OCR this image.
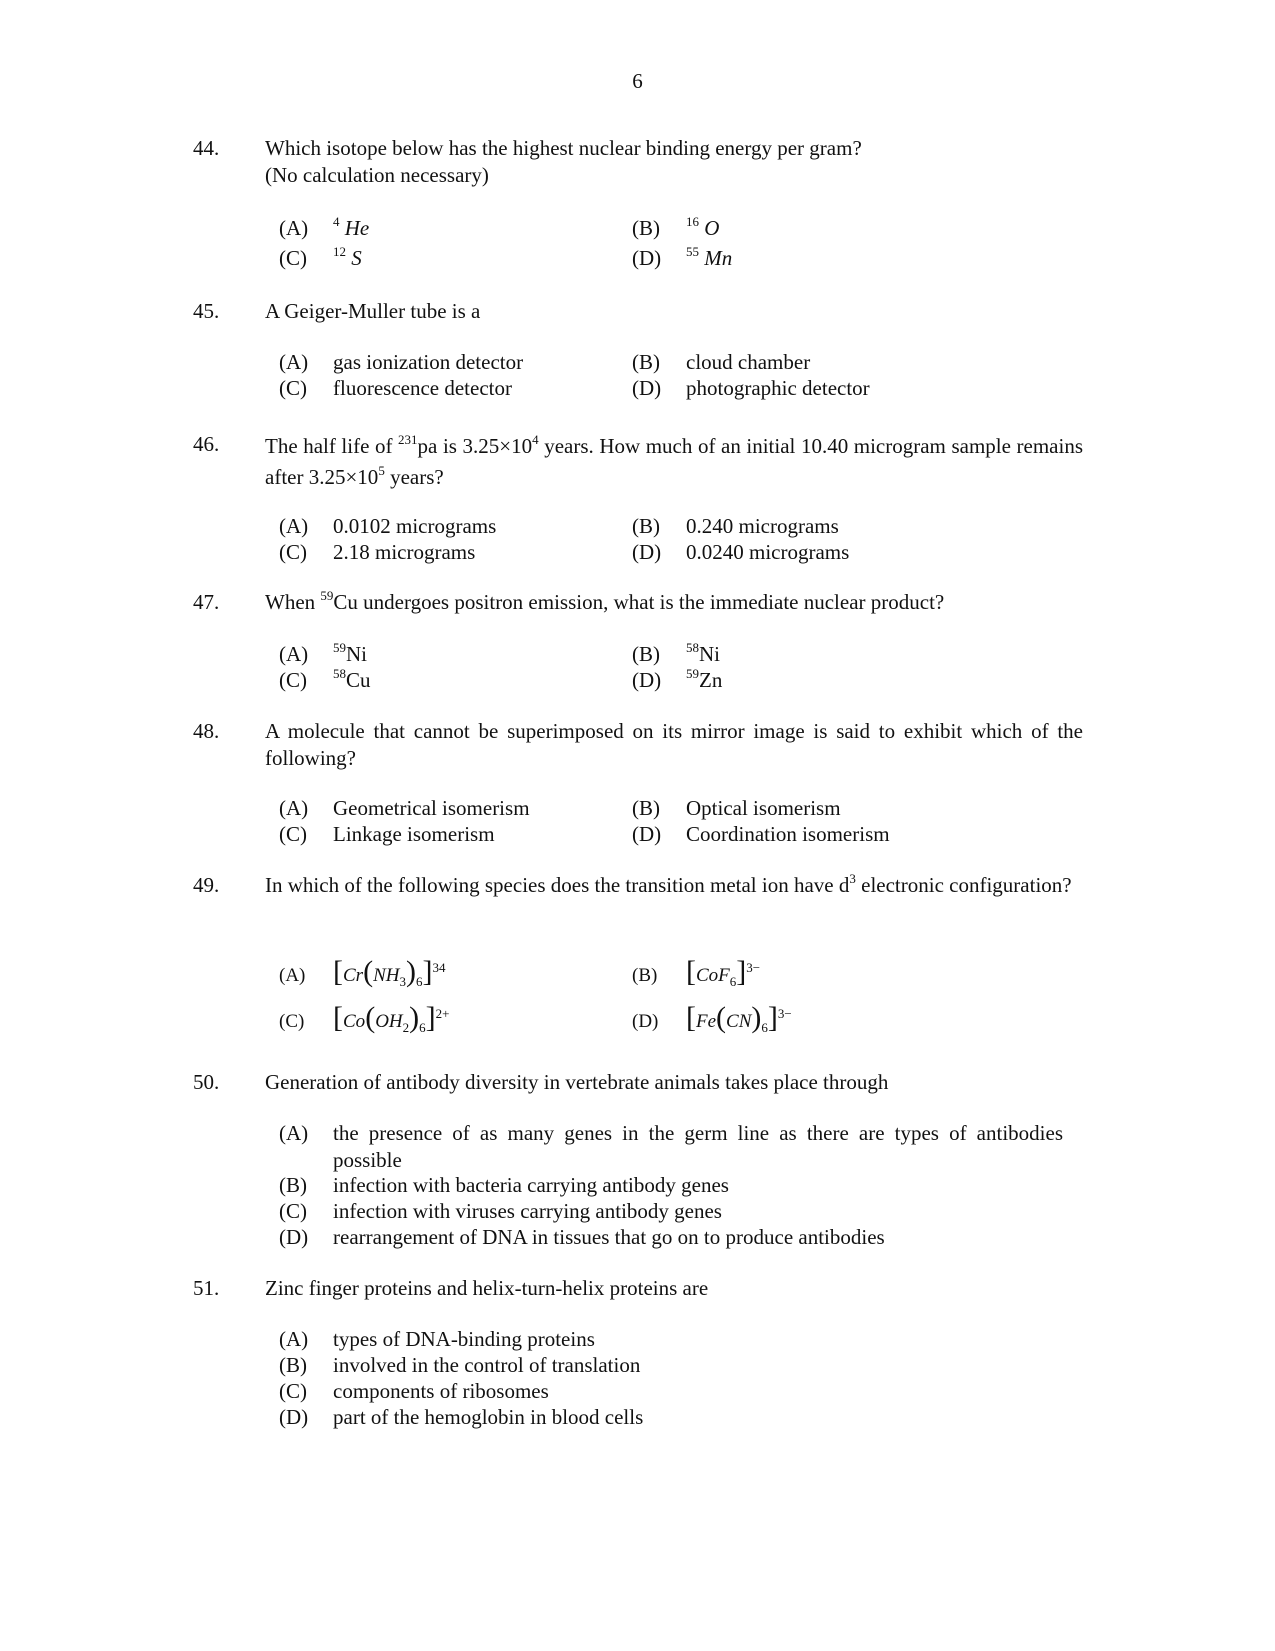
6
44. Which isotope below has the highest nuclear binding energy per gram?
(No calculation necessary)
(A) $^4$ He	(B) $^{16}$ O
(C) $^{12}$ S	(D) $^{55}$ Mn
45. A Geiger-Muller tube is a
(A) gas ionization detector	(B) cloud chamber
(C) fluorescence detector	(D) photographic detector
46. The half life of $^{231}$pa is $3.25\times 10^4$ years. How much of an initial 10.40 microgram sample remains after $3.25\times 10^5$ years?
(A) 0.0102 micrograms	(B) 0.240 micrograms
(C) 2.18 micrograms	(D) 0.0240 micrograms
47. When $^{59}$Cu undergoes positron emission, what is the immediate nuclear product?
(A) $^{59}$Ni	(B) $^{58}$Ni
(C) $^{58}$Cu	(D) $^{59}$Zn
48. A molecule that cannot be superimposed on its mirror image is said to exhibit which of the following?
(A) Geometrical isomerism	(B) Optical isomerism
(C) Linkage isomerism	(D) Coordination isomerism
49. In which of the following species does the transition metal ion have $d^3$ electronic configuration?
(A) $[Cr(NH_3)_6]^{34}$	(B) $[CoF_6]^{3-}$
(C) $[Co(OH_2)_6]^{2+}$	(D) $[Fe(CN)_6]^{3-}$
50. Generation of antibody diversity in vertebrate animals takes place through
(A) the presence of as many genes in the germ line as there are types of antibodies possible
(B) infection with bacteria carrying antibody genes
(C) infection with viruses carrying antibody genes
(D) rearrangement of DNA in tissues that go on to produce antibodies
51. Zinc finger proteins and helix-turn-helix proteins are
(A) types of DNA-binding proteins
(B) involved in the control of translation
(C) components of ribosomes
(D) part of the hemoglobin in blood cells
